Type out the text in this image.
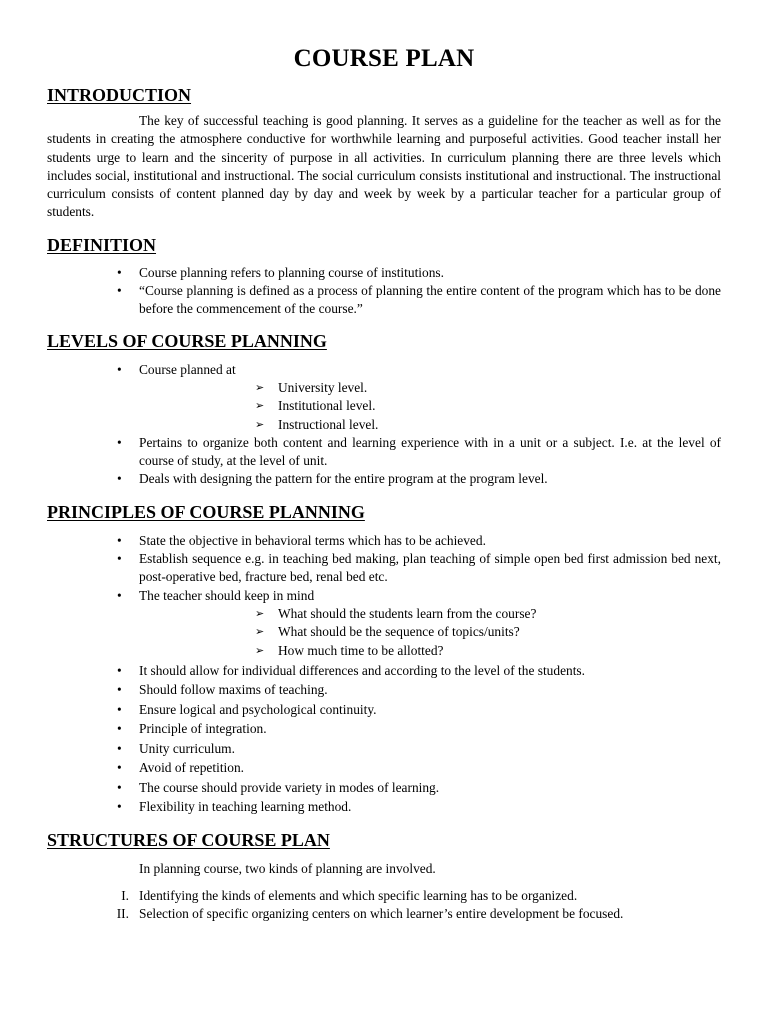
COURSE PLAN
INTRODUCTION

The key of successful teaching is good planning. It serves as a guideline for the teacher as well as for the students in creating the atmosphere conductive for worthwhile learning and purposeful activities. Good teacher install her students urge to learn and the sincerity of purpose in all activities. In curriculum planning there are three levels which includes social, institutional and instructional. The social curriculum consists institutional and instructional. The instructional curriculum consists of content planned day by day and week by week by a particular teacher for a particular group of students.

DEFINITION
• Course planning refers to planning course of institutions.
• “Course planning is defined as a process of planning the entire content of the program which has to be done before the commencement of the course.”
LEVELS OF COURSE PLANNING
• Course planned at
➢ University level.
➢ Institutional level.
➢ Instructional level.
• Pertains to organize both content and learning experience with in a unit or a subject. I.e. at the level of course of study, at the level of unit.
• Deals with designing the pattern for the entire program at the program level.
PRINCIPLES OF COURSE PLANNING
• State the objective in behavioral terms which has to be achieved.
• Establish sequence e.g. in teaching bed making, plan teaching of simple open bed first admission bed next, post-operative bed, fracture bed, renal bed etc.
• The teacher should keep in mind
➢ What should the students learn from the course?
➢ What should be the sequence of topics/units?
➢ How much time to be allotted?
• It should allow for individual differences and according to the level of the students.
• Should follow maxims of teaching.
• Ensure logical and psychological continuity.
• Principle of integration.
• Unity curriculum.
• Avoid of repetition.
• The course should provide variety in modes of learning.
• Flexibility in teaching learning method.
STRUCTURES OF COURSE PLAN

In planning course, two kinds of planning are involved.

I. Identifying the kinds of elements and which specific learning has to be organized.
II. Selection of specific organizing centers on which learner’s entire development be focused.
